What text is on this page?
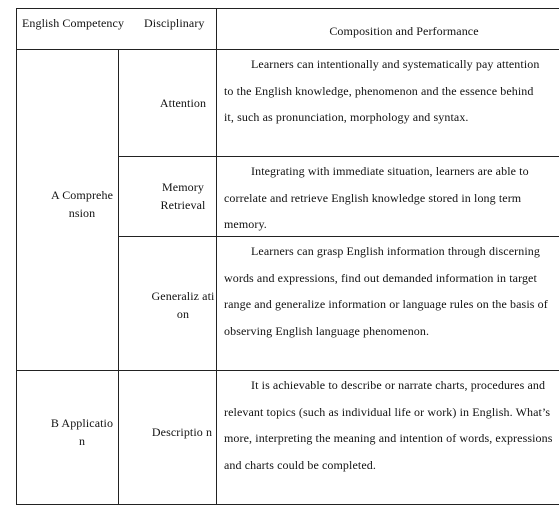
English Competency	Disciplinary
Composition and Performance
A Comprehe nsion
Attention
Learners can intentionally and systematically pay attention to the English knowledge, phenomenon and the essence behind it, such as pronunciation, morphology and syntax.
Memory Retrieval
Integrating with immediate situation, learners are able to correlate and retrieve English knowledge stored in long term memory.
Generaliz ation
Learners can grasp English information through discerning words and expressions, find out demanded information in target range and generalize information or language rules on the basis of observing English language phenomenon.
B Applicatio n
Descriptio n
It is achievable to describe or narrate charts, procedures and relevant topics (such as individual life or work) in English. What’s more, interpreting the meaning and intention of words, expressions and charts could be completed.
